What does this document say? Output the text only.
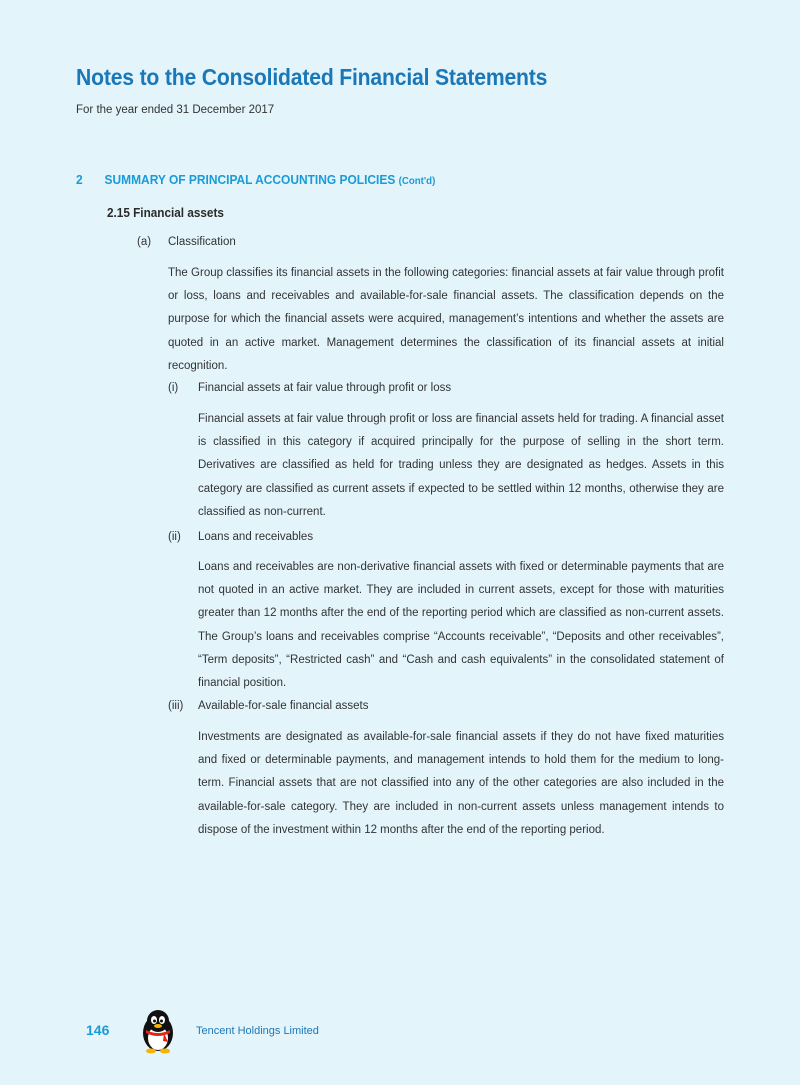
Notes to the Consolidated Financial Statements
For the year ended 31 December 2017
2 SUMMARY OF PRINCIPAL ACCOUNTING POLICIES (Cont'd)
2.15 Financial assets
(a) Classification

The Group classifies its financial assets in the following categories: financial assets at fair value through profit or loss, loans and receivables and available-for-sale financial assets. The classification depends on the purpose for which the financial assets were acquired, management’s intentions and whether the assets are quoted in an active market. Management determines the classification of its financial assets at initial recognition.

(i) Financial assets at fair value through profit or loss

Financial assets at fair value through profit or loss are financial assets held for trading. A financial asset is classified in this category if acquired principally for the purpose of selling in the short term. Derivatives are classified as held for trading unless they are designated as hedges. Assets in this category are classified as current assets if expected to be settled within 12 months, otherwise they are classified as non-current.

(ii) Loans and receivables

Loans and receivables are non-derivative financial assets with fixed or determinable payments that are not quoted in an active market. They are included in current assets, except for those with maturities greater than 12 months after the end of the reporting period which are classified as non-current assets. The Group’s loans and receivables comprise “Accounts receivable”, “Deposits and other receivables”, “Term deposits”, “Restricted cash” and “Cash and cash equivalents” in the consolidated statement of financial position.

(iii) Available-for-sale financial assets

Investments are designated as available-for-sale financial assets if they do not have fixed maturities and fixed or determinable payments, and management intends to hold them for the medium to long-term. Financial assets that are not classified into any of the other categories are also included in the available-for-sale category. They are included in non-current assets unless management intends to dispose of the investment within 12 months after the end of the reporting period.

146	Tencent Holdings Limited
